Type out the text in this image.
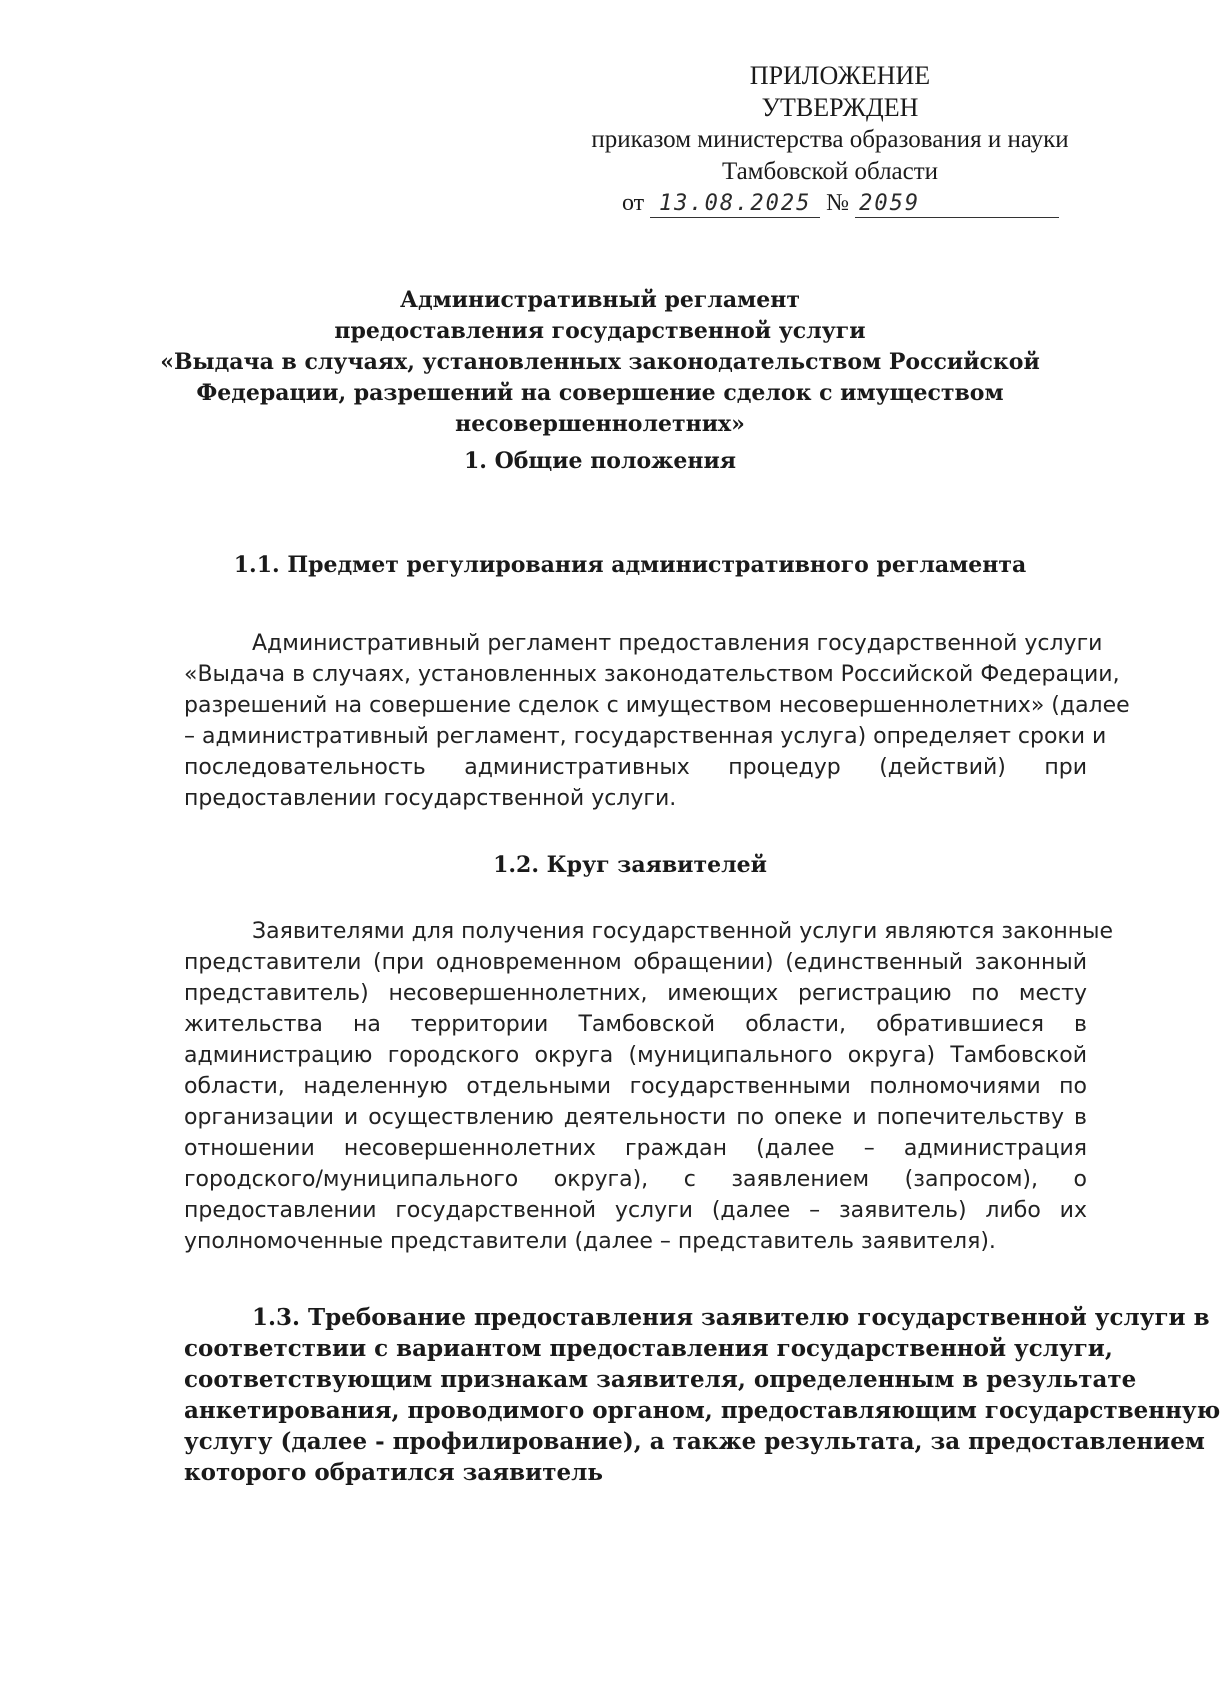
ПРИЛОЖЕНИЕ
УТВЕРЖДЕН
приказом министерства образования и науки
Тамбовской области
от 13.08.2025 № 2059
Административный регламент
предоставления государственной услуги
«Выдача в случаях, установленных законодательством Российской
Федерации, разрешений на совершение сделок с имуществом
несовершеннолетних»
1. Общие положения
1.1. Предмет регулирования административного регламента
Административный регламент предоставления государственной услуги
«Выдача в случаях, установленных законодательством Российской Федерации,
разрешений на совершение сделок с имуществом несовершеннолетних» (далее
– административный регламент, государственная услуга) определяет сроки и
последовательность административных процедур (действий) при
предоставлении государственной услуги.
1.2. Круг заявителей
Заявителями для получения государственной услуги являются законные
представители (при одновременном обращении) (единственный законный
представитель) несовершеннолетних, имеющих регистрацию по месту
жительства на территории Тамбовской области, обратившиеся в
администрацию городского округа (муниципального округа) Тамбовской
области, наделенную отдельными государственными полномочиями по
организации и осуществлению деятельности по опеке и попечительству в
отношении несовершеннолетних граждан (далее – администрация
городского/муниципального округа), с заявлением (запросом), о
предоставлении государственной услуги (далее – заявитель) либо их
уполномоченные представители (далее – представитель заявителя).
1.3. Требование предоставления заявителю государственной услуги в
соответствии с вариантом предоставления государственной услуги,
соответствующим признакам заявителя, определенным в результате
анкетирования, проводимого органом, предоставляющим государственную
услугу (далее - профилирование), а также результата, за предоставлением
которого обратился заявитель
